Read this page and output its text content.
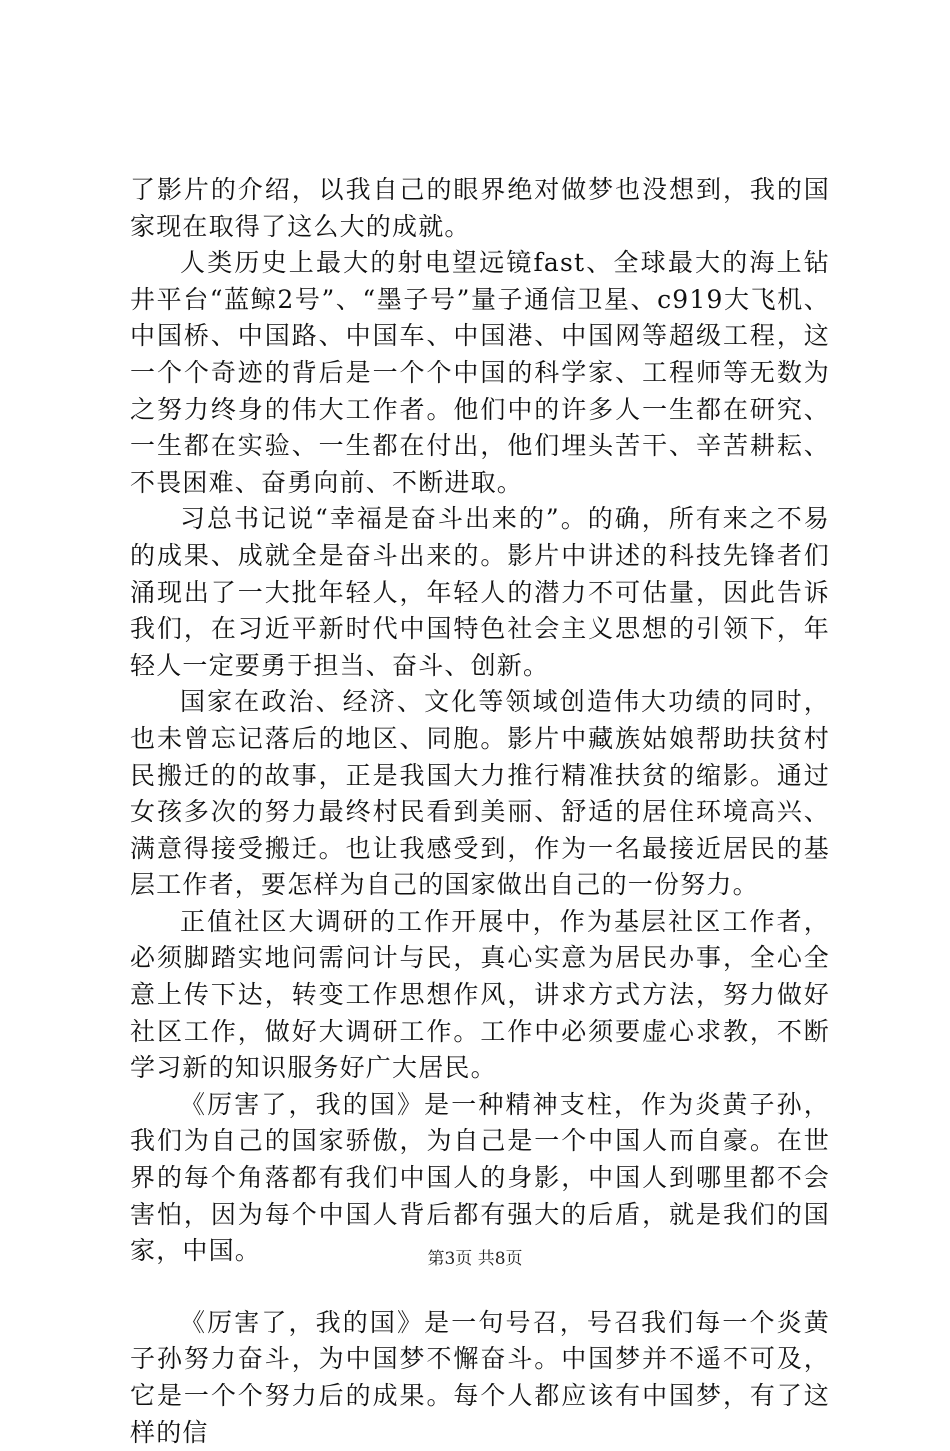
了影片的介绍，以我自己的眼界绝对做梦也没想到，我的国家现在取得了这么大的成就。

人类历史上最大的射电望远镜fast、全球最大的海上钻井平台“蓝鲸2号”、“墨子号”量子通信卫星、c919大飞机、中国桥、中国路、中国车、中国港、中国网等超级工程，这一个个奇迹的背后是一个个中国的科学家、工程师等无数为之努力终身的伟大工作者。他们中的许多人一生都在研究、一生都在实验、一生都在付出，他们埋头苦干、辛苦耕耘、不畏困难、奋勇向前、不断进取。

习总书记说“幸福是奋斗出来的”。的确，所有来之不易的成果、成就全是奋斗出来的。影片中讲述的科技先锋者们涌现出了一大批年轻人，年轻人的潜力不可估量，因此告诉我们，在习近平新时代中国特色社会主义思想的引领下，年轻人一定要勇于担当、奋斗、创新。

国家在政治、经济、文化等领域创造伟大功绩的同时，也未曾忘记落后的地区、同胞。影片中藏族姑娘帮助扶贫村民搬迁的的故事，正是我国大力推行精准扶贫的缩影。通过女孩多次的努力最终村民看到美丽、舒适的居住环境高兴、满意得接受搬迁。也让我感受到，作为一名最接近居民的基层工作者，要怎样为自己的国家做出自己的一份努力。

正值社区大调研的工作开展中，作为基层社区工作者，必须脚踏实地问需问计与民，真心实意为居民办事，全心全意上传下达，转变工作思想作风，讲求方式方法，努力做好社区工作，做好大调研工作。工作中必须要虚心求教，不断学习新的知识服务好广大居民。

《厉害了，我的国》是一种精神支柱，作为炎黄子孙，我们为自己的国家骄傲，为自己是一个中国人而自豪。在世界的每个角落都有我们中国人的身影，中国人到哪里都不会害怕，因为每个中国人背后都有强大的后盾，就是我们的国家，中国。

《厉害了，我的国》是一句号召，号召我们每一个炎黄子孙努力奋斗，为中国梦不懈奋斗。中国梦并不遥不可及，它是一个个努力后的成果。每个人都应该有中国梦，有了这样的信

第3页 共8页
